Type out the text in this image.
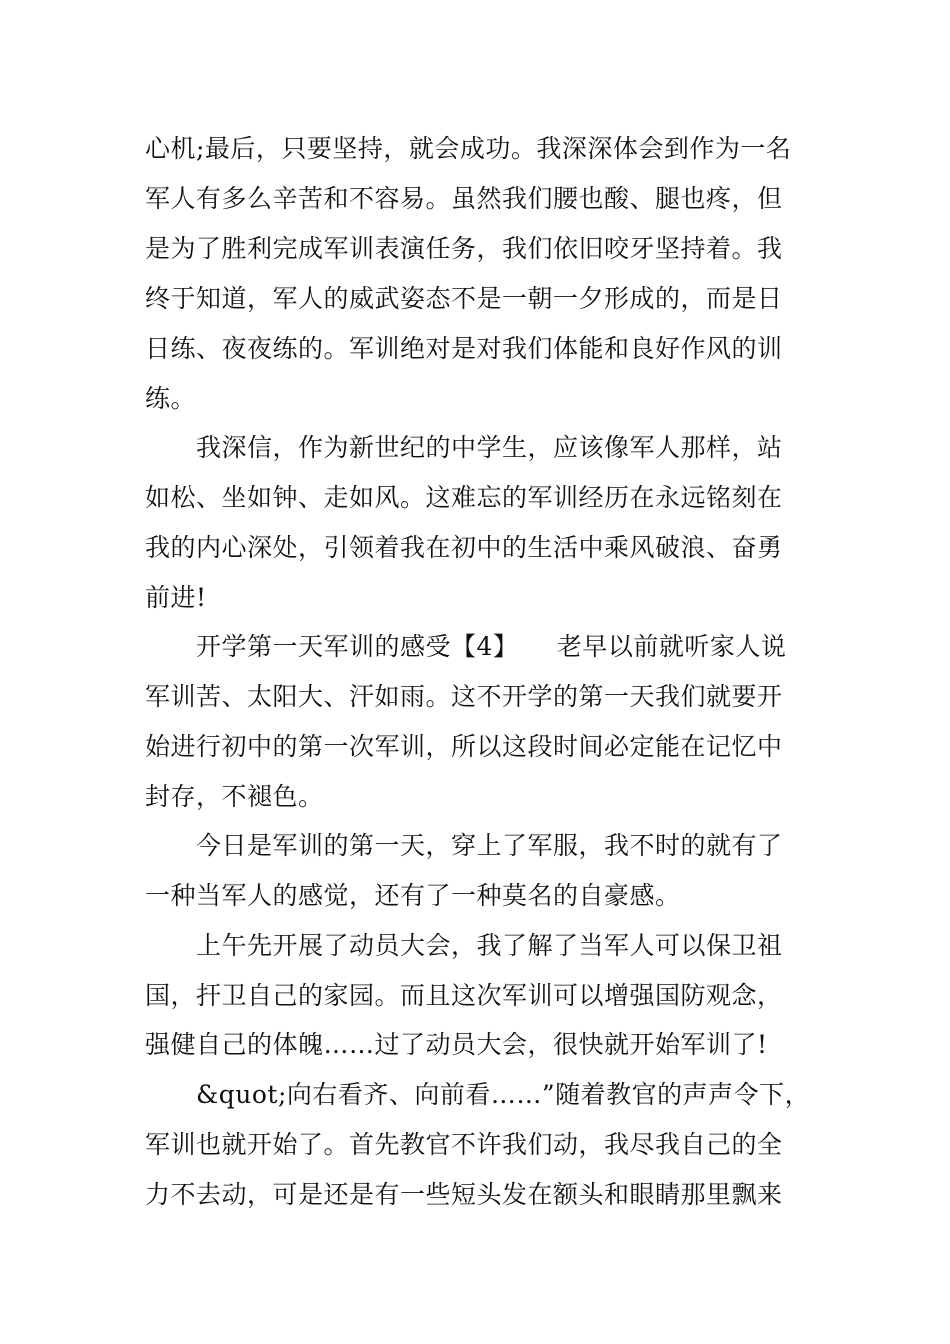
心机;最后，只要坚持，就会成功。我深深体会到作为一名
军人有多么辛苦和不容易。虽然我们腰也酸、腿也疼，但
是为了胜利完成军训表演任务，我们依旧咬牙坚持着。我
终于知道，军人的威武姿态不是一朝一夕形成的，而是日
日练、夜夜练的。军训绝对是对我们体能和良好作风的训
练。
　　我深信，作为新世纪的中学生，应该像军人那样，站
如松、坐如钟、走如风。这难忘的军训经历在永远铭刻在
我的内心深处，引领着我在初中的生活中乘风破浪、奋勇
前进!
　　开学第一天军训的感受【4】　　老早以前就听家人说
军训苦、太阳大、汗如雨。这不开学的第一天我们就要开
始进行初中的第一次军训，所以这段时间必定能在记忆中
封存，不褪色。
　　今日是军训的第一天，穿上了军服，我不时的就有了
一种当军人的感觉，还有了一种莫名的自豪感。
　　上午先开展了动员大会，我了解了当军人可以保卫祖
国，扞卫自己的家园。而且这次军训可以增强国防观念，
强健自己的体魄……过了动员大会，很快就开始军训了!
　　&quot;向右看齐、向前看……”随着教官的声声令下，
军训也就开始了。首先教官不许我们动，我尽我自己的全
力不去动，可是还是有一些短头发在额头和眼睛那里飘来
